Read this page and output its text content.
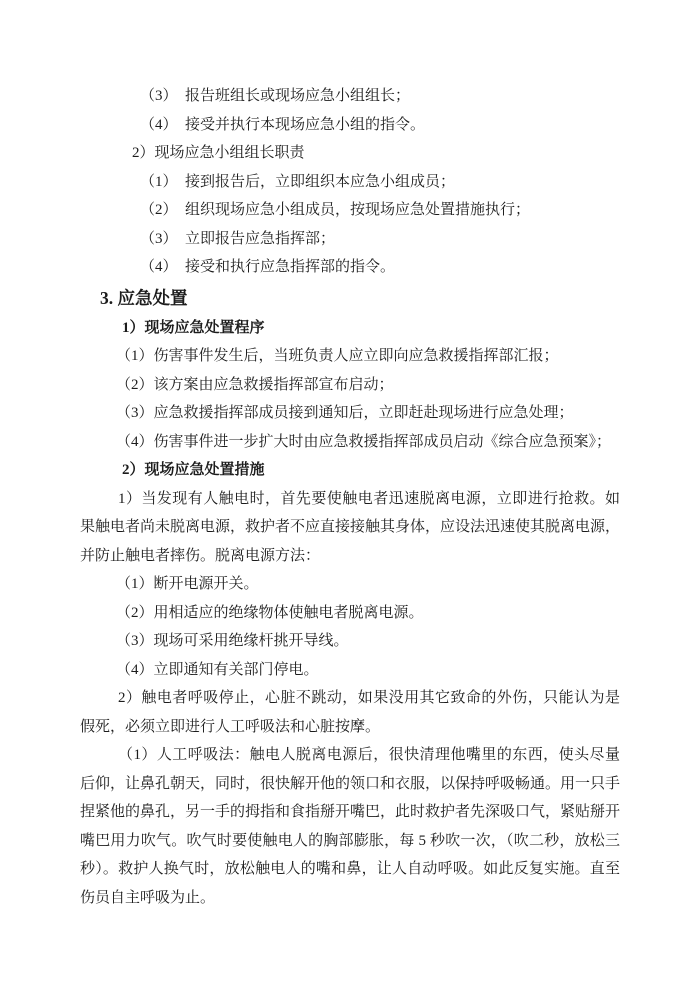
（3）　报告班组长或现场应急小组组长；

（4）　接受并执行本现场应急小组的指令。

2）现场应急小组组长职责

（1）　接到报告后，立即组织本应急小组成员；

（2）　组织现场应急小组成员，按现场应急处置措施执行；

（3）　立即报告应急指挥部；

（4）　接受和执行应急指挥部的指令。

3. 应急处置

1）现场应急处置程序

（1）伤害事件发生后，当班负责人应立即向应急救援指挥部汇报；

（2）该方案由应急救援指挥部宣布启动；

（3）应急救援指挥部成员接到通知后，立即赶赴现场进行应急处理；

（4）伤害事件进一步扩大时由应急救援指挥部成员启动《综合应急预案》；

2）现场应急处置措施

1）当发现有人触电时，首先要使触电者迅速脱离电源，立即进行抢救。如果触电者尚未脱离电源，救护者不应直接接触其身体，应设法迅速使其脱离电源，并防止触电者摔伤。脱离电源方法：

（1）断开电源开关。

（2）用相适应的绝缘物体使触电者脱离电源。

（3）现场可采用绝缘杆挑开导线。

（4）立即通知有关部门停电。

2）触电者呼吸停止，心脏不跳动，如果没用其它致命的外伤，只能认为是假死，必须立即进行人工呼吸法和心脏按摩。

（1）人工呼吸法：触电人脱离电源后，很快清理他嘴里的东西，使头尽量后仰，让鼻孔朝天，同时，很快解开他的领口和衣服，以保持呼吸畅通。用一只手捏紧他的鼻孔，另一手的拇指和食指掰开嘴巴，此时救护者先深吸口气，紧贴掰开嘴巴用力吹气。吹气时要使触电人的胸部膨胀，每 5 秒吹一次，（吹二秒，放松三秒）。救护人换气时，放松触电人的嘴和鼻，让人自动呼吸。如此反复实施。直至伤员自主呼吸为止。
